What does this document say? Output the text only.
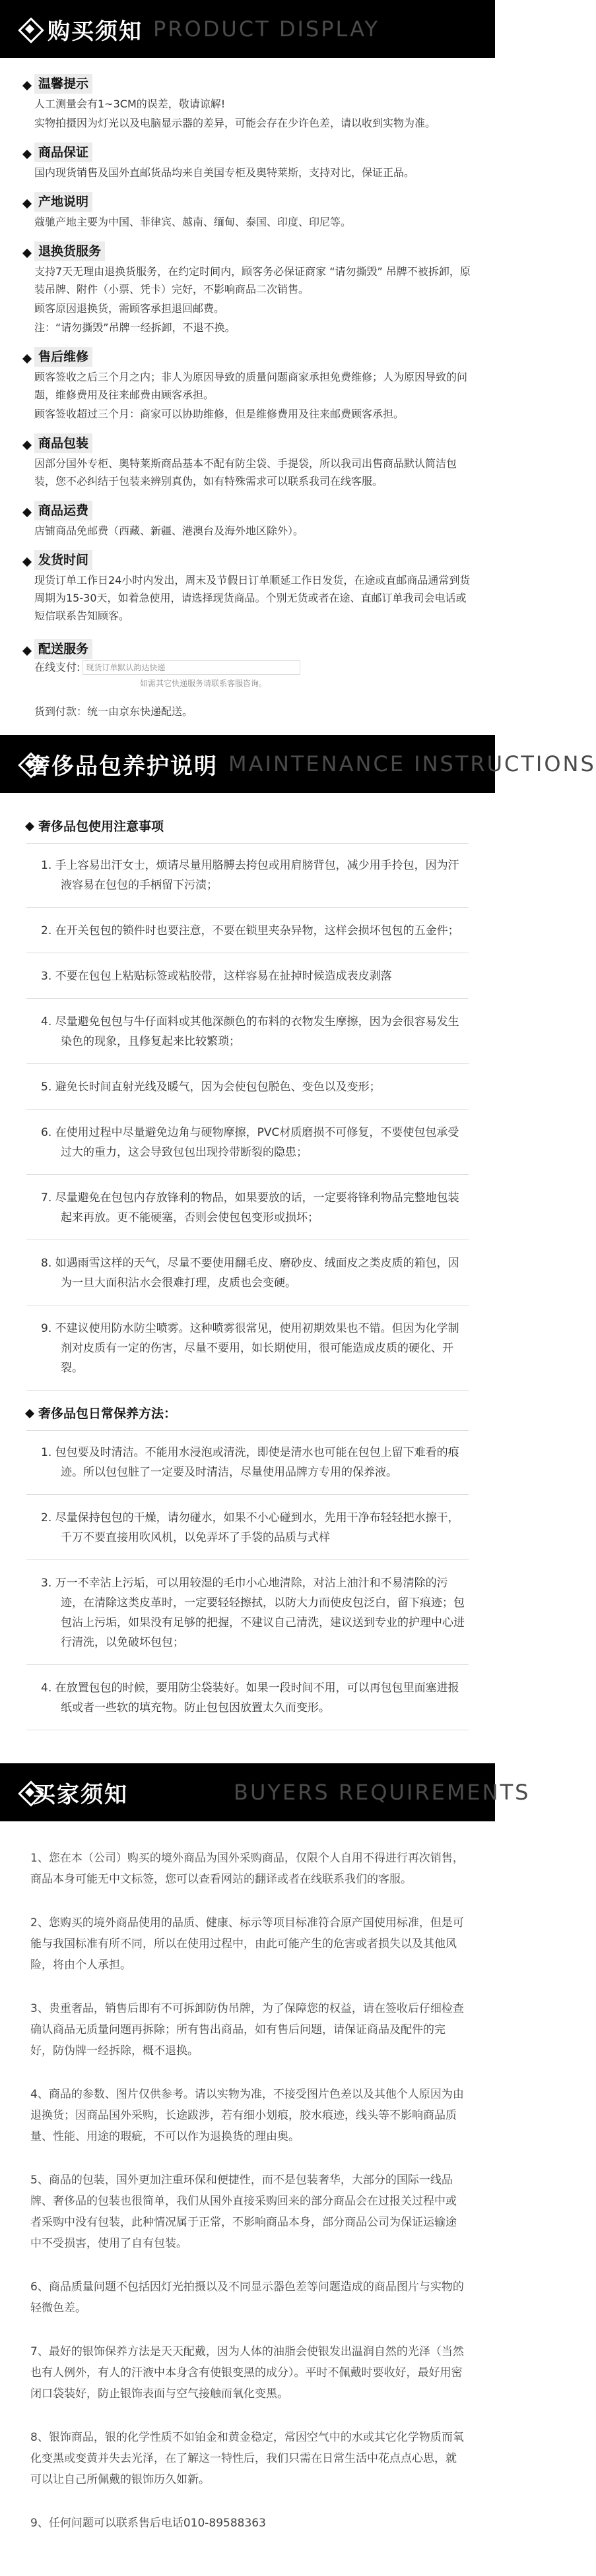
购买须知 PRODUCT DISPLAY
温馨提示
人工测量会有1~3CM的误差，敬请谅解!
实物拍摄因为灯光以及电脑显示器的差异，可能会存在少许色差，请以收到实物为准。
商品保证
国内现货销售及国外直邮货品均来自美国专柜及奥特莱斯，支持对比，保证正品。
产地说明
蔻驰产地主要为中国、菲律宾、越南、缅甸、泰国、印度、印尼等。
退换货服务
支持7天无理由退换货服务，在约定时间内，顾客务必保证商家 “请勿撕毁” 吊牌不被拆卸，原装吊牌、附件（小票、凭卡）完好，不影响商品二次销售。
顾客原因退换货，需顾客承担退回邮费。
注：“请勿撕毁”吊牌一经拆卸，不退不换。
售后维修
顾客签收之后三个月之内；非人为原因导致的质量问题商家承担免费维修；人为原因导致的问题，维修费用及往来邮费由顾客承担。
顾客签收超过三个月：商家可以协助维修，但是维修费用及往来邮费顾客承担。
商品包装
因部分国外专柜、奥特莱斯商品基本不配有防尘袋、手提袋，所以我司出售商品默认简洁包装，您不必纠结于包装来辨别真伪，如有特殊需求可以联系我司在线客服。
商品运费
店铺商品免邮费（西藏、新疆、港澳台及海外地区除外）。
发货时间
现货订单工作日24小时内发出，周末及节假日订单顺延工作日发货，在途或直邮商品通常到货周期为15-30天，如着急使用，请选择现货商品。个别无货或者在途、直邮订单我司会电话或短信联系告知顾客。
配送服务
在线支付: 现货订单默认韵达快递
如需其它快递服务请联系客服咨询。
货到付款：统一由京东快递配送。
奢侈品包养护说明 MAINTENANCE INSTRUCTIONS
奢侈品包使用注意事项
1. 手上容易出汗女士，烦请尽量用胳膊去挎包或用肩膀背包，减少用手拎包，因为汗液容易在包包的手柄留下污渍；
2. 在开关包包的锁件时也要注意，不要在锁里夹杂异物，这样会损坏包包的五金件；
3. 不要在包包上粘贴标签或粘胶带，这样容易在扯掉时候造成表皮剥落
4. 尽量避免包包与牛仔面料或其他深颜色的布料的衣物发生摩擦，因为会很容易发生染色的现象，且修复起来比较繁琐；
5. 避免长时间直射光线及暖气，因为会使包包脱色、变色以及变形；
6. 在使用过程中尽量避免边角与硬物摩擦，PVC材质磨损不可修复，不要使包包承受过大的重力，这会导致包包出现拎带断裂的隐患；
7. 尽量避免在包包内存放锋利的物品，如果要放的话，一定要将锋利物品完整地包装起来再放。更不能硬塞，否则会使包包变形或损坏；
8. 如遇雨雪这样的天气，尽量不要使用翻毛皮、磨砂皮、绒面皮之类皮质的箱包，因为一旦大面积沾水会很难打理，皮质也会变硬。
9. 不建议使用防水防尘喷雾。这种喷雾很常见，使用初期效果也不错。但因为化学制剂对皮质有一定的伤害，尽量不要用，如长期使用，很可能造成皮质的硬化、开裂。
奢侈品包日常保养方法：
1. 包包要及时清洁。不能用水浸泡或清洗，即使是清水也可能在包包上留下难看的痕迹。所以包包脏了一定要及时清洁，尽量使用品牌方专用的保养液。
2. 尽量保持包包的干燥，请勿碰水，如果不小心碰到水，先用干净布轻轻把水擦干，千万不要直接用吹风机，以免弄坏了手袋的品质与式样
3. 万一不幸沾上污垢，可以用较湿的毛巾小心地清除，对沾上油汁和不易清除的污迹，在清除这类皮革时，一定要轻轻擦拭，以防大力而使皮包泛白，留下痕迹；包包沾上污垢，如果没有足够的把握，不建议自己清洗，建议送到专业的护理中心进行清洗，以免破坏包包；
4. 在放置包包的时候，要用防尘袋装好。如果一段时间不用，可以再包包里面塞进报纸或者一些软的填充物。防止包包因放置太久而变形。
买家须知	BUYERS REQUIREMENTS

1、您在本（公司）购买的境外商品为国外采购商品，仅限个人自用不得进行再次销售，商品本身可能无中文标签，您可以查看网站的翻译或者在线联系我们的客服。

2、您购买的境外商品使用的品质、健康、标示等项目标准符合原产国使用标准，但是可能与我国标准有所不同，所以在使用过程中，由此可能产生的危害或者损失以及其他风险，将由个人承担。

3、贵重奢品，销售后即有不可拆卸防伪吊牌，为了保障您的权益，请在签收后仔细检查确认商品无质量问题再拆除；所有售出商品，如有售后问题，请保证商品及配件的完好，防伪牌一经拆除，概不退换。

4、商品的参数、图片仅供参考。请以实物为准，不接受图片色差以及其他个人原因为由退换货；因商品国外采购，长途跋涉，若有细小划痕，胶水痕迹，线头等不影响商品质量、性能、用途的瑕疵，不可以作为退换货的理由奥。

5、商品的包装，国外更加注重环保和便捷性，而不是包装奢华，大部分的国际一线品牌、奢侈品的包装也很简单，我们从国外直接采购回来的部分商品会在过报关过程中或者采购中没有包装，此种情况属于正常，不影响商品本身，部分商品公司为保证运输途中不受损害，使用了自有包装。

6、商品质量问题不包括因灯光拍摄以及不同显示器色差等问题造成的商品图片与实物的轻微色差。

7、最好的银饰保养方法是天天配戴，因为人体的油脂会使银发出温润自然的光泽（当然也有人例外，有人的汗液中本身含有使银变黑的成分）。平时不佩戴时要收好，最好用密闭口袋装好，防止银饰表面与空气接触而氧化变黑。

8、银饰商品，银的化学性质不如铂金和黄金稳定，常因空气中的水或其它化学物质而氧化变黑或变黄并失去光泽，在了解这一特性后，我们只需在日常生活中花点点心思，就可以让自己所佩戴的银饰历久如新。

9、任何问题可以联系售后电话010-89588363
